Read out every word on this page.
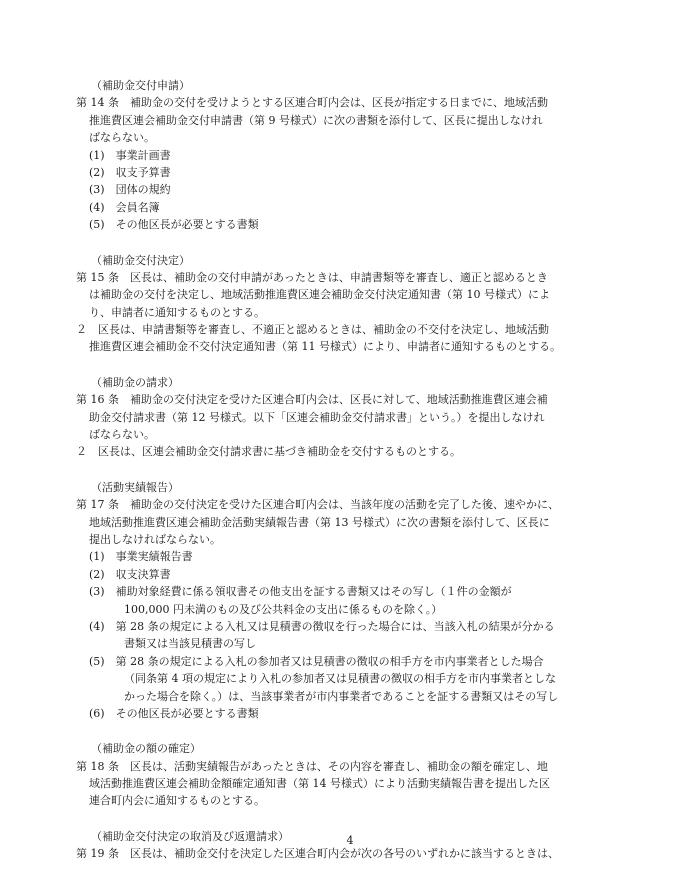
（補助金交付申請）
第 14 条　補助金の交付を受けようとする区連合町内会は、区長が指定する日までに、地域活動
推進費区連会補助金交付申請書（第 9 号様式）に次の書類を添付して、区長に提出しなけれ
ばならない。
(1)　事業計画書
(2)　収支予算書
(3)　団体の規約
(4)　会員名簿
(5)　その他区長が必要とする書類
（補助金交付決定）
第 15 条　区長は、補助金の交付申請があったときは、申請書類等を審査し、適正と認めるとき
は補助金の交付を決定し、地域活動推進費区連会補助金交付決定通知書（第 10 号様式）によ
り、申請者に通知するものとする。
２　区長は、申請書類等を審査し、不適正と認めるときは、補助金の不交付を決定し、地域活動
推進費区連会補助金不交付決定通知書（第 11 号様式）により、申請者に通知するものとする。
（補助金の請求）
第 16 条　補助金の交付決定を受けた区連合町内会は、区長に対して、地域活動推進費区連会補
助金交付請求書（第 12 号様式。以下「区連会補助金交付請求書」という。）を提出しなけれ
ばならない。
２　区長は、区連会補助金交付請求書に基づき補助金を交付するものとする。
（活動実績報告）
第 17 条　補助金の交付決定を受けた区連合町内会は、当該年度の活動を完了した後、速やかに、
地域活動推進費区連会補助金活動実績報告書（第 13 号様式）に次の書類を添付して、区長に
提出しなければならない。
(1)　事業実績報告書
(2)　収支決算書
(3)　補助対象経費に係る領収書その他支出を証する書類又はその写し（１件の金額が
100,000 円未満のもの及び公共料金の支出に係るものを除く。）
(4)　第 28 条の規定による入札又は見積書の徴収を行った場合には、当該入札の結果が分かる
書類又は当該見積書の写し
(5)　第 28 条の規定による入札の参加者又は見積書の徴収の相手方を市内事業者とした場合
（同条第 4 項の規定により入札の参加者又は見積書の徴収の相手方を市内事業者としな
かった場合を除く。）は、当該事業者が市内事業者であることを証する書類又はその写し
(6)　その他区長が必要とする書類
（補助金の額の確定）
第 18 条　区長は、活動実績報告があったときは、その内容を審査し、補助金の額を確定し、地
域活動推進費区連会補助金額確定通知書（第 14 号様式）により活動実績報告書を提出した区
連合町内会に通知するものとする。
（補助金交付決定の取消及び返還請求）
第 19 条　区長は、補助金交付を決定した区連合町内会が次の各号のいずれかに該当するときは、
4
